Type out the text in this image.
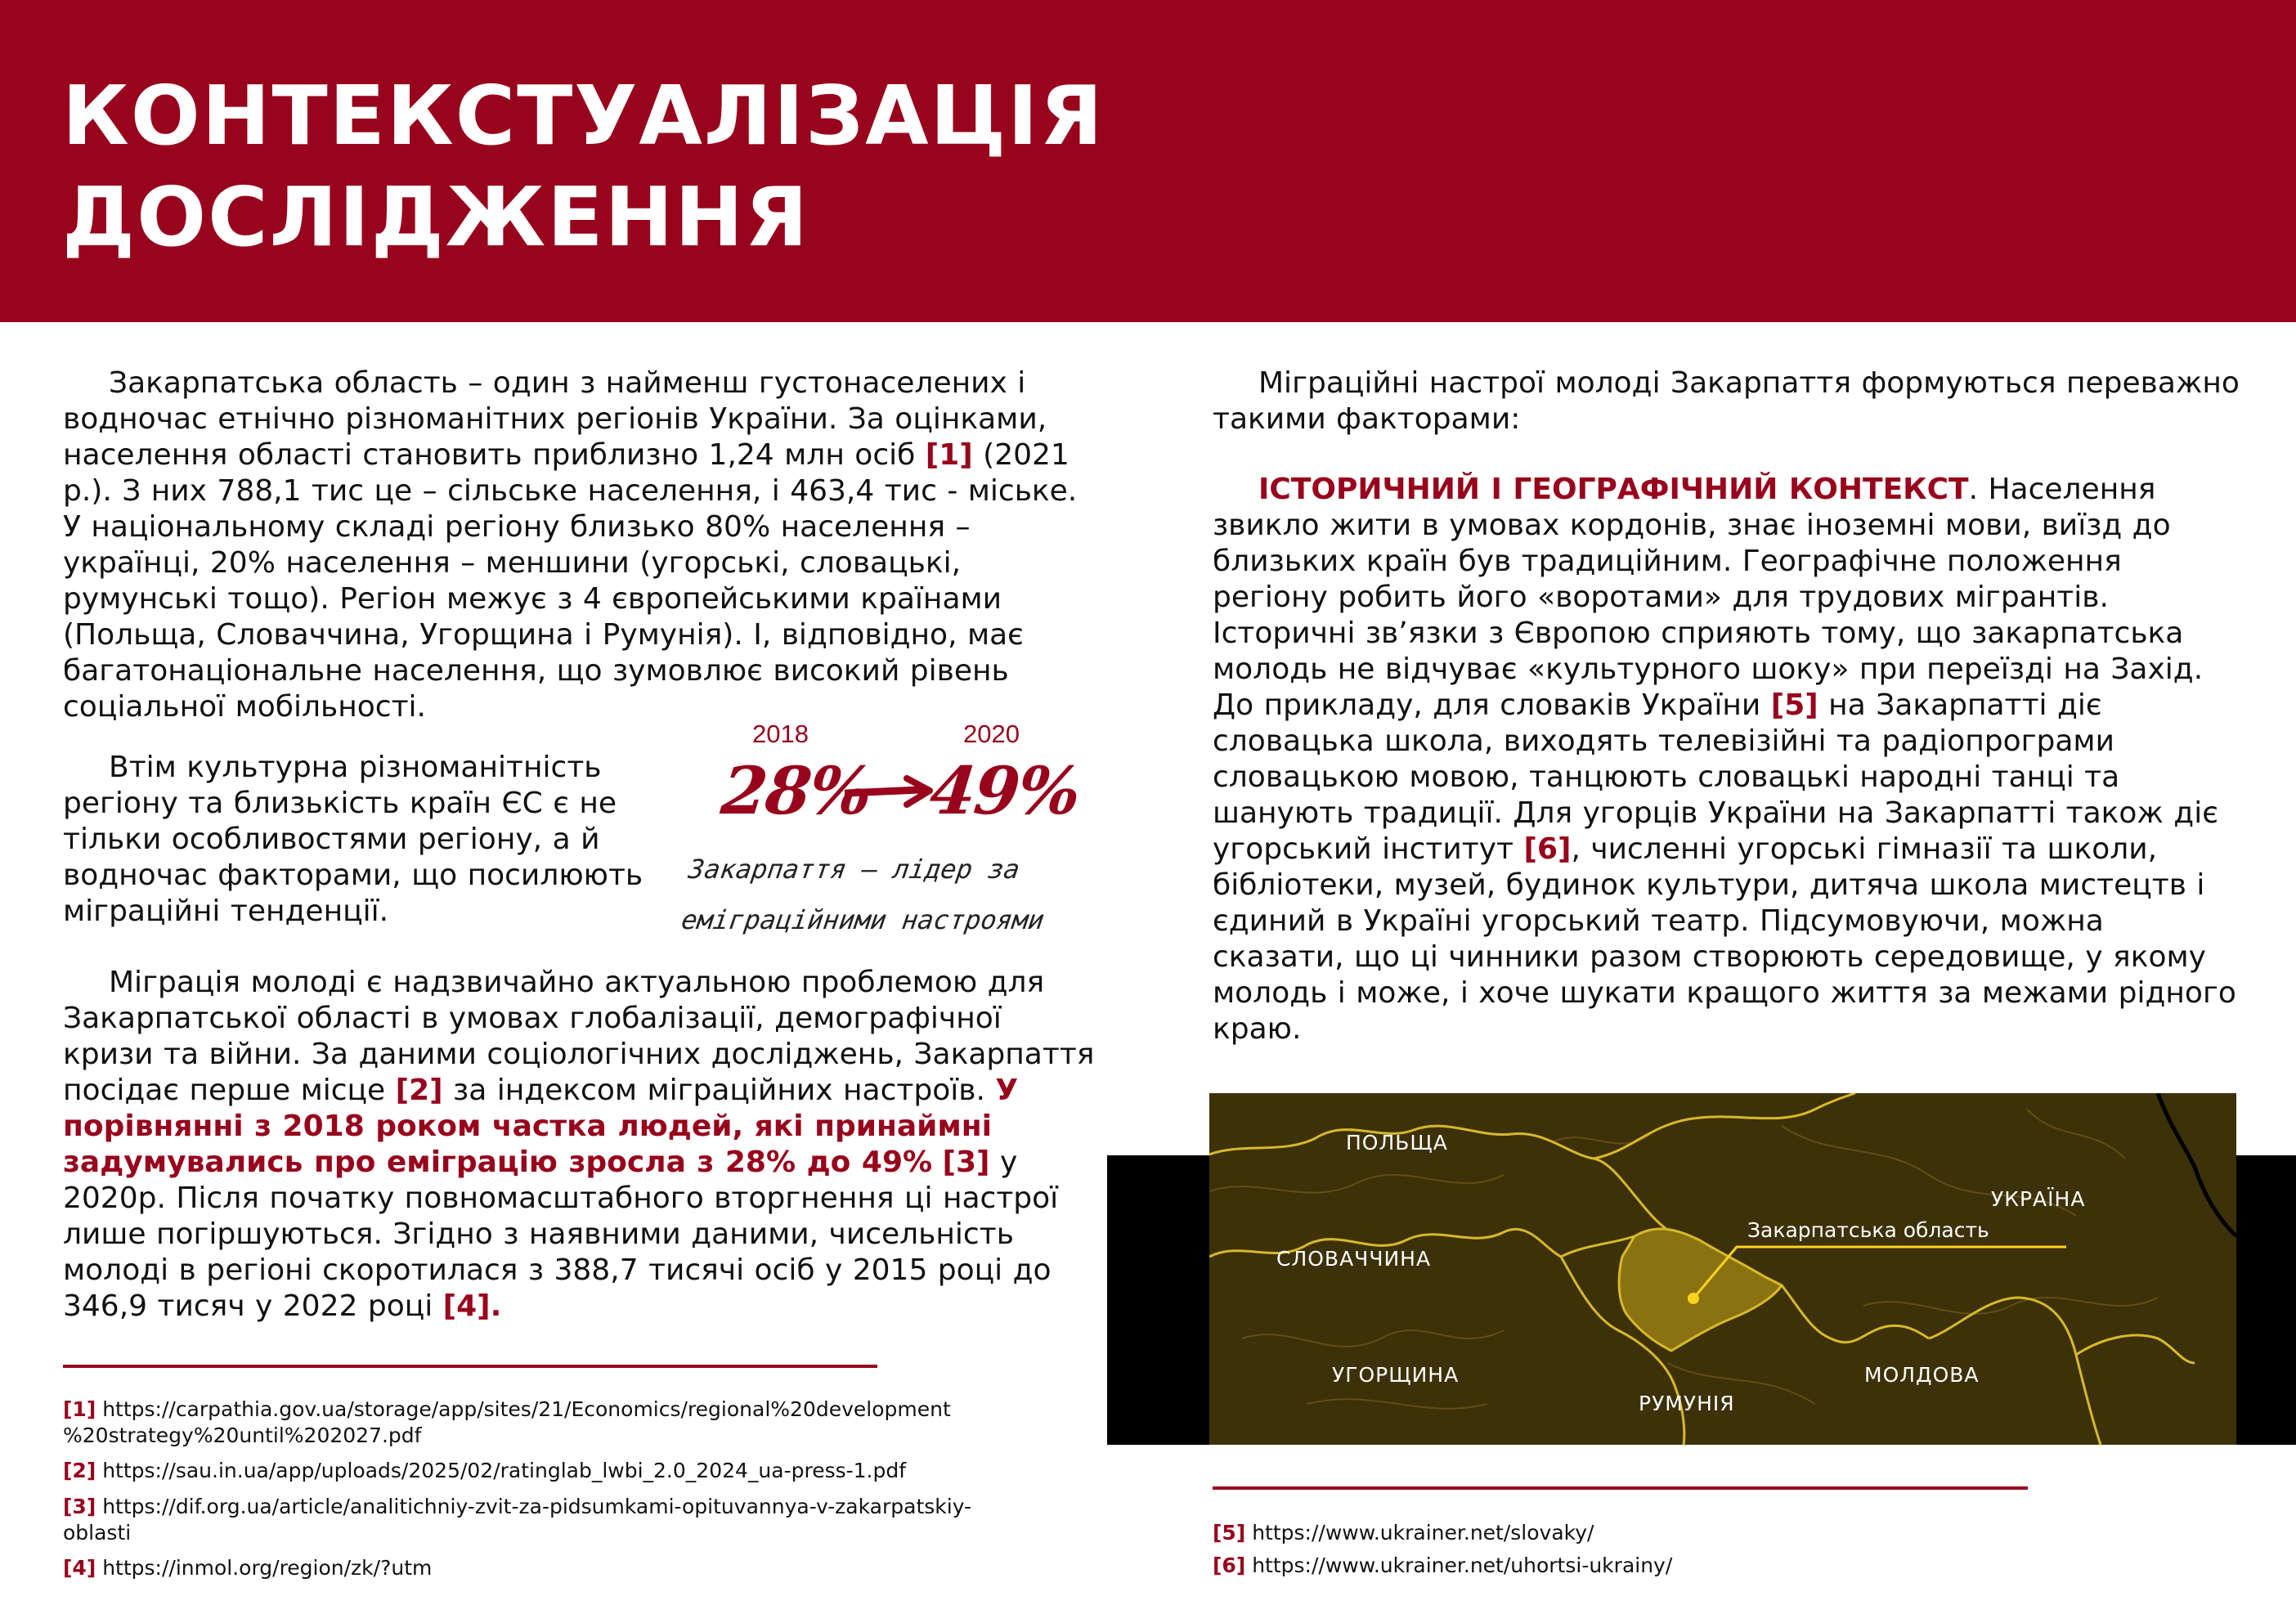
КОНТЕКСТУАЛІЗАЦІЯ
ДОСЛІДЖЕННЯ

Закарпатська область – один з найменш густонаселених і водночас етнічно різноманітних регіонів України. За оцінками, населення області становить приблизно 1,24 млн осіб [1] (2021 р.). З них 788,1 тис це – сільське населення, і 463,4 тис - міське. У національному складі регіону близько 80% населення – українці, 20% населення – меншини (угорські, словацькі, румунські тощо). Регіон межує з 4 європейськими країнами (Польща, Словаччина, Угорщина і Румунія). І, відповідно, має багатонаціональне населення, що зумовлює високий рівень соціальної мобільності.

Втім культурна різноманітність регіону та близькість країн ЄС є не тільки особливостями регіону, а й водночас факторами, що посилюють міграційні тенденції.

2018	2020
28% 49%
Закарпаття – лідер за
еміграційними настроями

Міграція молоді є надзвичайно актуальною проблемою для Закарпатської області в умовах глобалізації, демографічної кризи та війни. За даними соціологічних досліджень, Закарпаття посідає перше місце [2] за індексом міграційних настроїв. У порівнянні з 2018 роком частка людей, які принаймні задумувались про еміграцію зросла з 28% до 49% [3] у 2020р. Після початку повномасштабного вторгнення ці настрої лише погіршуються. Згідно з наявними даними, чисельність молоді в регіоні скоротилася з 388,7 тисячі осіб у 2015 році до 346,9 тисяч у 2022 році [4].

[1] https://carpathia.gov.ua/storage/app/sites/21/Economics/regional%20development
%20strategy%20until%202027.pdf

[2] https://sau.in.ua/app/uploads/2025/02/ratinglab_lwbi_2.0_2024_ua-press-1.pdf

[3] https://dif.org.ua/article/analitichniy-zvit-za-pidsumkami-opituvannya-v-zakarpatskiy-
oblasti

[4] https://inmol.org/region/zk/?utm

Міграційні настрої молоді Закарпаття формуються переважно такими факторами:

ІСТОРИЧНИЙ І ГЕОГРАФІЧНИЙ КОНТЕКСТ. Населення звикло жити в умовах кордонів, знає іноземні мови, виїзд до близьких країн був традиційним. Географічне положення регіону робить його «воротами» для трудових мігрантів. Історичні зв’язки з Європою сприяють тому, що закарпатська молодь не відчуває «культурного шоку» при переїзді на Захід. До прикладу, для словаків України [5] на Закарпатті діє словацька школа, виходять телевізійні та радіопрограми словацькою мовою, танцюють словацькі народні танці та шанують традиції. Для угорців України на Закарпатті також діє угорський інститут [6], численні угорські гімназії та школи, бібліотеки, музей, будинок культури, дитяча школа мистецтв і єдиний в Україні угорський театр. Підсумовуючи, можна сказати, що ці чинники разом створюють середовище, у якому молодь і може, і хоче шукати кращого життя за межами рідного краю.

ПОЛЬЩА
УКРАЇНА
СЛОВАЧЧИНА
УГОРЩИНА
РУМУНІЯ
МОЛДОВА
Закарпатська область

[5] https://www.ukrainer.net/slovaky/

[6] https://www.ukrainer.net/uhortsi-ukrainy/
